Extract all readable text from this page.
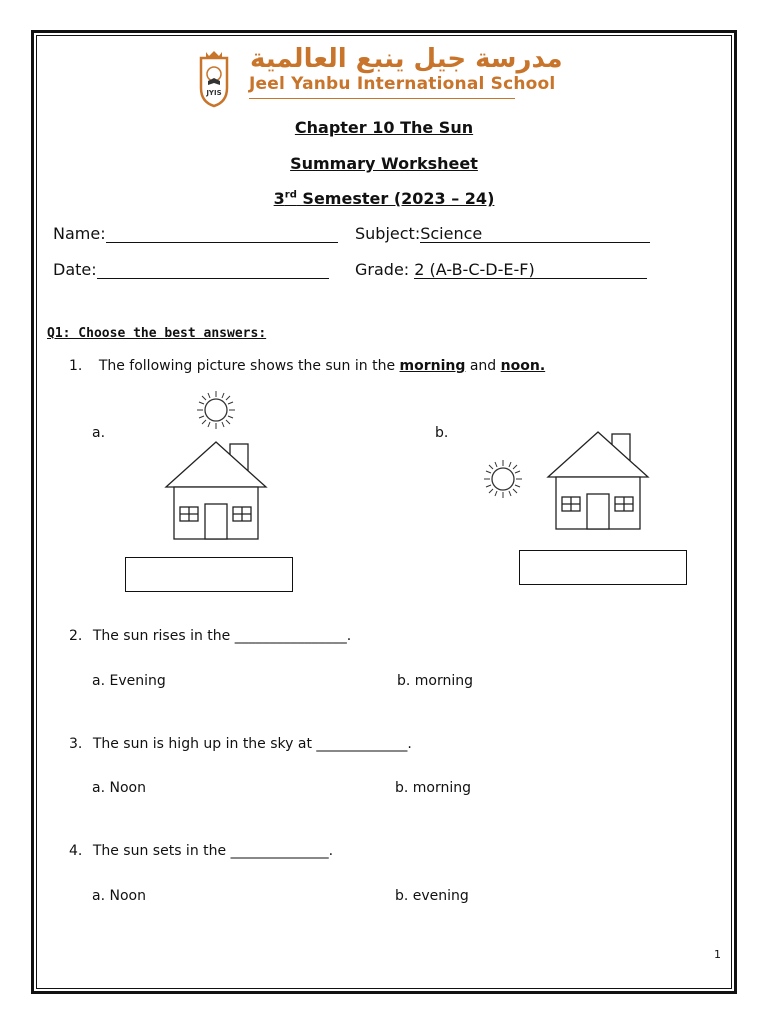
JYIS
مدرسة جيل ينبع العالمية
Jeel Yanbu International School
Chapter 10 The Sun
Summary Worksheet
3rd Semester (2023 – 24)
Name:	Subject:Science
Date:	Grade: 2 (A-B-C-D-E-F)
Q1: Choose the best answers:
1. The following picture shows the sun in the morning and noon.
a.	b.
2. The sun rises in the ________________.
a. Evening	b. morning
3. The sun is high up in the sky at _____________.
a. Noon	b. morning
4. The sun sets in the ______________.
a. Noon	b. evening
1
